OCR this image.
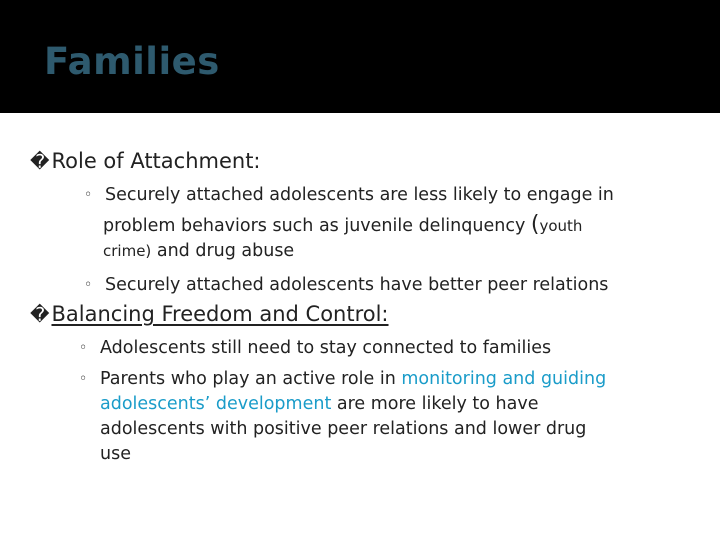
Families
�Role of Attachment:
◦ Securely attached adolescents are less likely to engage in
problem behaviors such as juvenile delinquency (youth
crime) and drug abuse
◦ Securely attached adolescents have better peer relations
�Balancing Freedom and Control:
◦ Adolescents still need to stay connected to families
◦ Parents who play an active role in monitoring and guiding
adolescents’ development are more likely to have
adolescents with positive peer relations and lower drug
use
